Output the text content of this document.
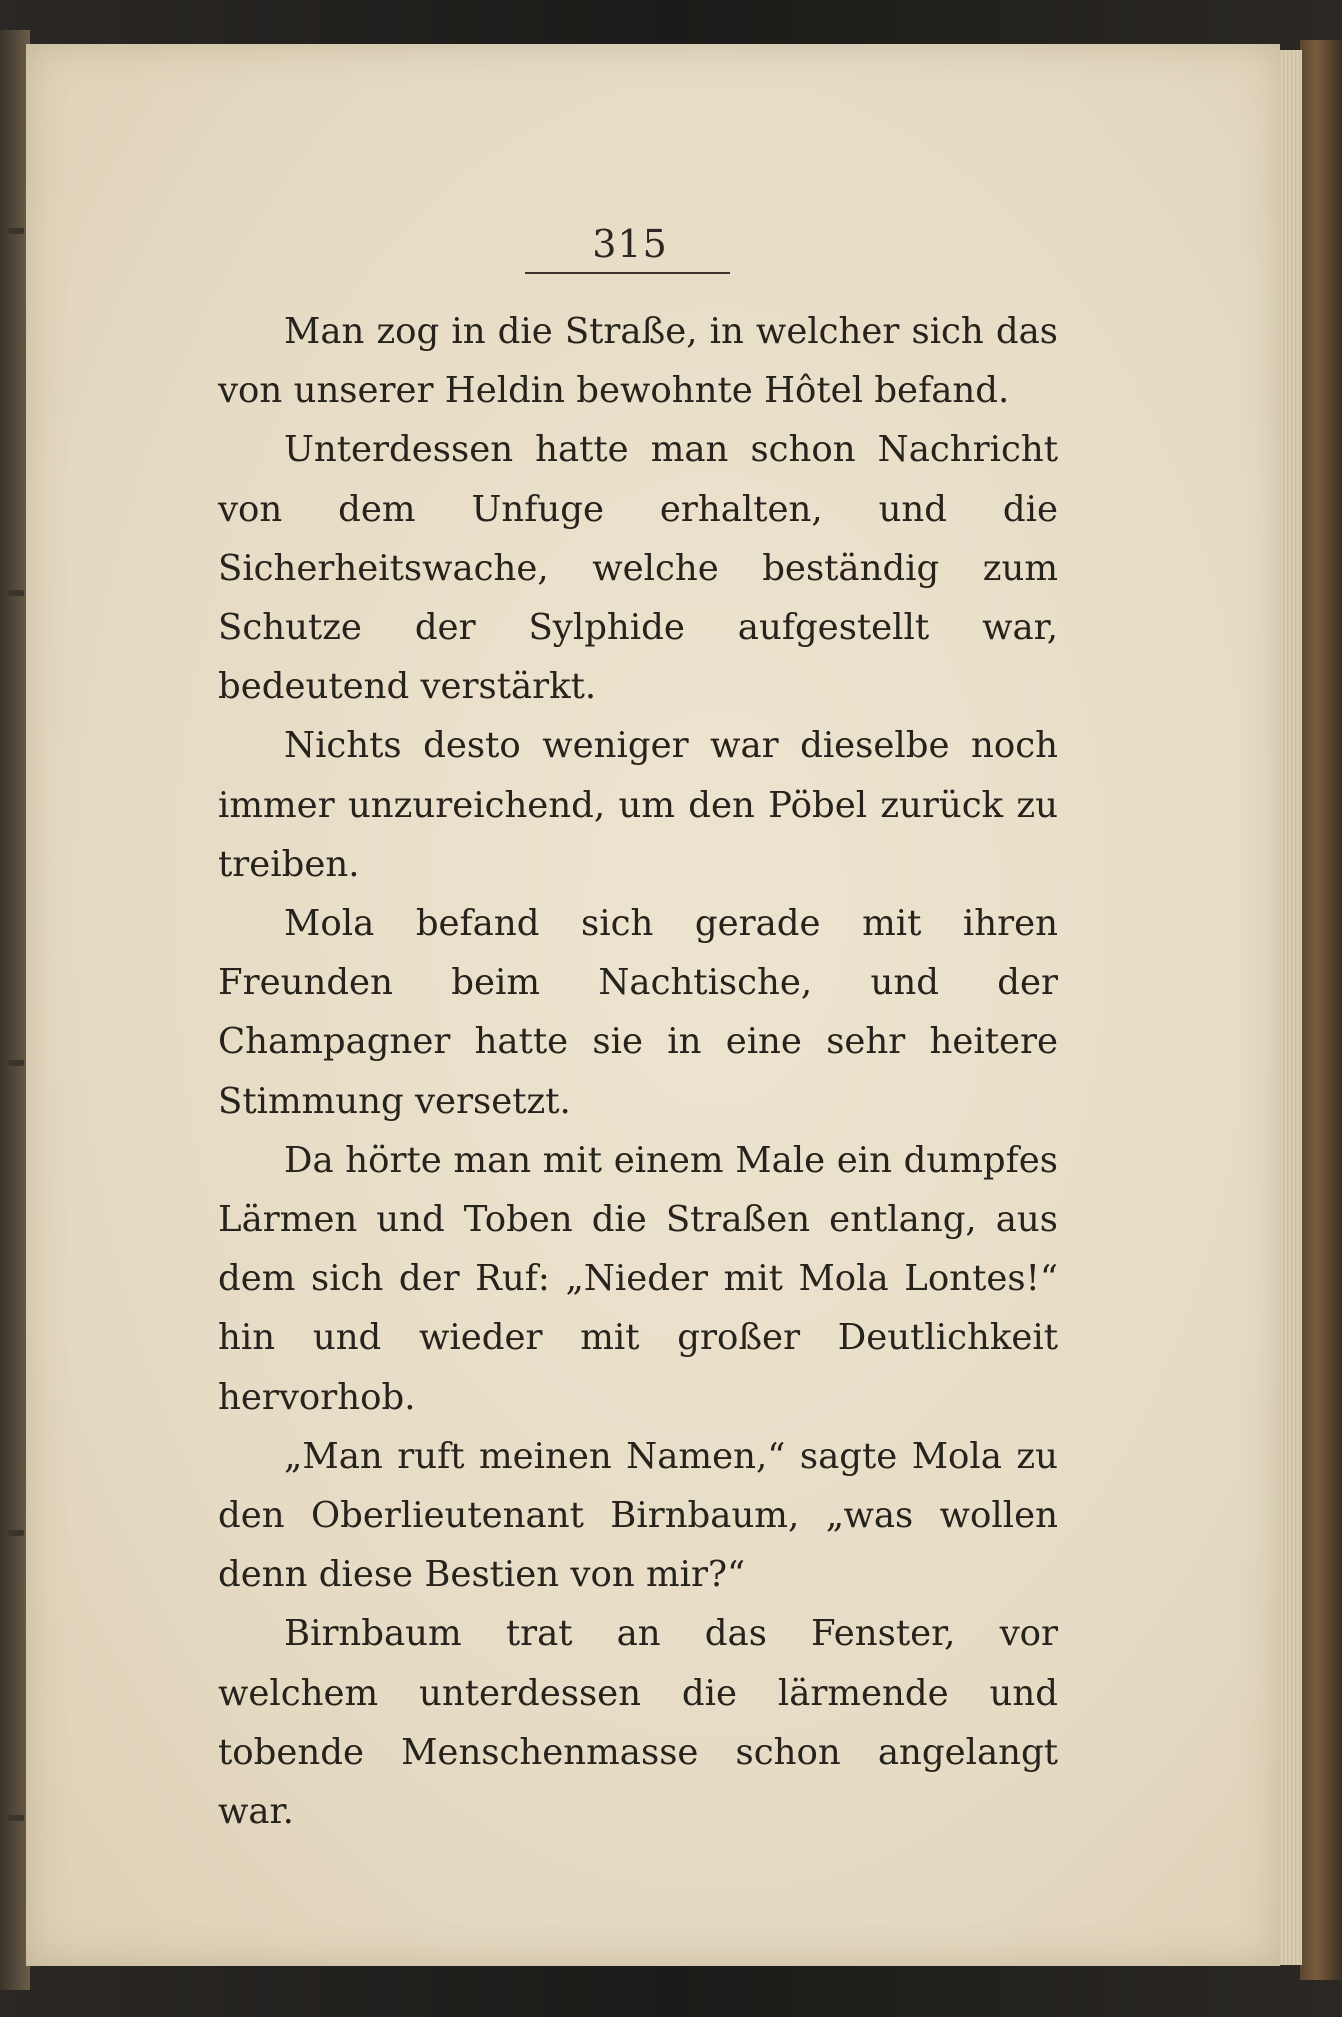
315

Man zog in die Straße, in welcher sich das von unserer Heldin bewohnte Hôtel befand.

Unterdessen hatte man schon Nachricht von dem Unfuge erhalten, und die Sicherheitswache, welche beständig zum Schutze der Sylphide aufgestellt war, bedeutend verstärkt.

Nichts desto weniger war dieselbe noch immer unzureichend, um den Pöbel zurück zu treiben.

Mola befand sich gerade mit ihren Freunden beim Nachtische, und der Champagner hatte sie in eine sehr heitere Stimmung versetzt.

Da hörte man mit einem Male ein dumpfes Lärmen und Toben die Straßen entlang, aus dem sich der Ruf: „Nieder mit Mola Lontes!“ hin und wieder mit großer Deutlichkeit hervorhob.

„Man ruft meinen Namen,“ sagte Mola zu den Oberlieutenant Birnbaum, „was wollen denn diese Bestien von mir?“

Birnbaum trat an das Fenster, vor welchem unterdessen die lärmende und tobende Menschenmasse schon angelangt war.
